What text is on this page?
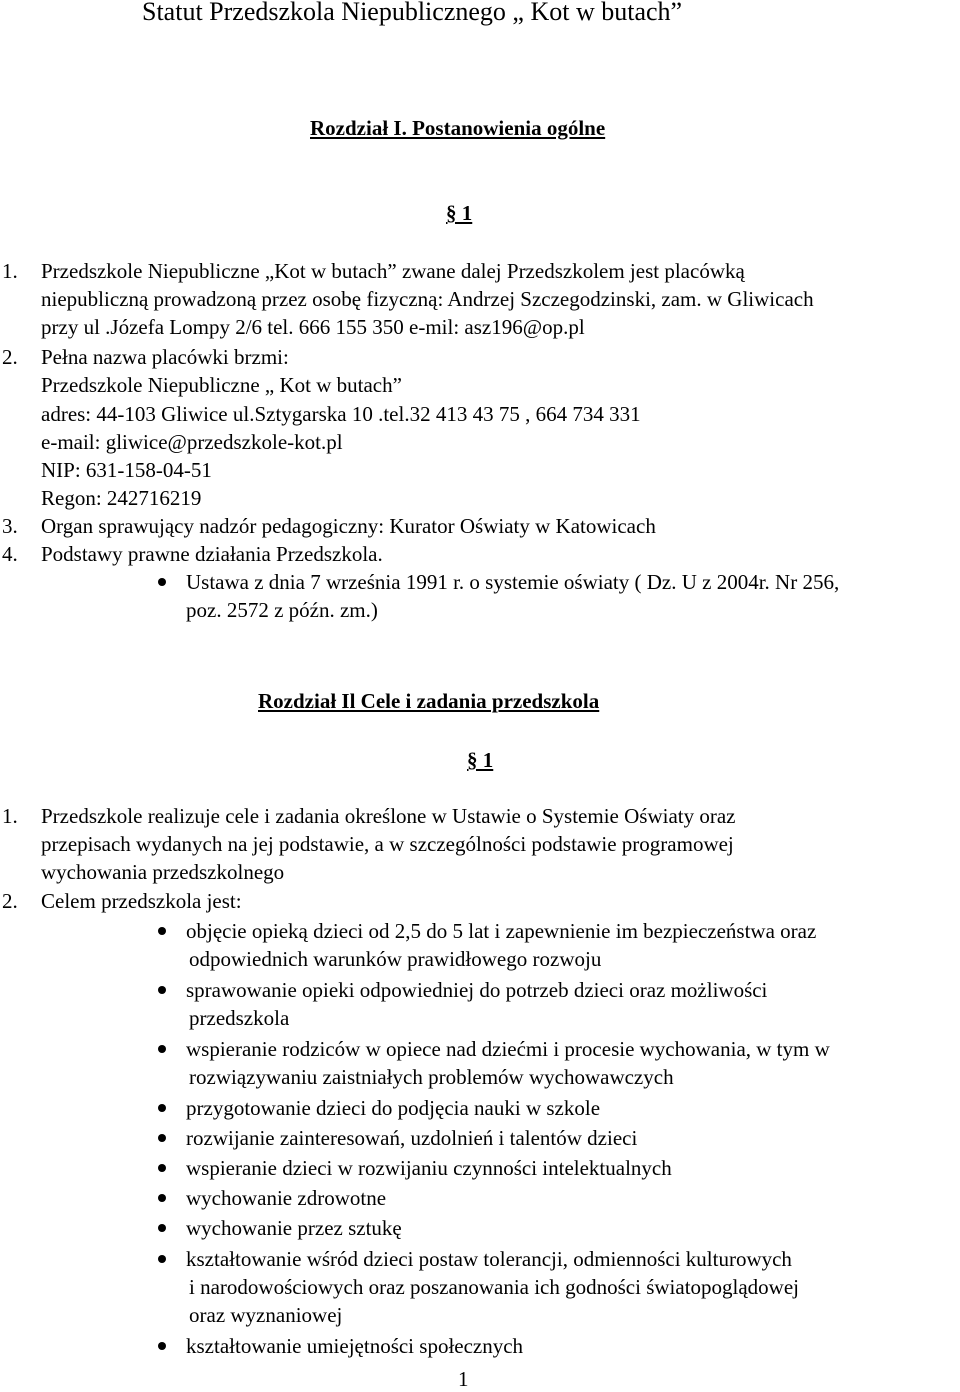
Statut Przedszkola Niepublicznego „ Kot w butach”
Rozdział I. Postanowienia ogólne
§ 1
1. Przedszkole Niepubliczne „Kot w butach” zwane dalej Przedszkolem jest placówką
niepubliczną prowadzoną przez osobę fizyczną: Andrzej Szczegodzinski, zam. w Gliwicach
przy ul .Józefa Lompy 2/6 tel. 666 155 350 e-mil: asz196@op.pl
2. Pełna nazwa placówki brzmi:
Przedszkole Niepubliczne „ Kot w butach”
adres: 44-103 Gliwice ul.Sztygarska 10 .tel.32 413 43 75 , 664 734 331
e-mail: gliwice@przedszkole-kot.pl
NIP: 631-158-04-51
Regon: 242716219
3. Organ sprawujący nadzór pedagogiczny: Kurator Oświaty w Katowicach
4. Podstawy prawne działania Przedszkola.
Ustawa z dnia 7 września 1991 r. o systemie oświaty ( Dz. U z 2004r. Nr 256,
poz. 2572 z późn. zm.)
Rozdział Il Cele i zadania przedszkola
§ 1
1. Przedszkole realizuje cele i zadania określone w Ustawie o Systemie Oświaty oraz
przepisach wydanych na jej podstawie, a w szczególności podstawie programowej
wychowania przedszkolnego
2. Celem przedszkola jest:
objęcie opieką dzieci od 2,5 do 5 lat i zapewnienie im bezpieczeństwa oraz
odpowiednich warunków prawidłowego rozwoju
sprawowanie opieki odpowiedniej do potrzeb dzieci oraz możliwości
przedszkola
wspieranie rodziców w opiece nad dziećmi i procesie wychowania, w tym w
rozwiązywaniu zaistniałych problemów wychowawczych
przygotowanie dzieci do podjęcia nauki w szkole
rozwijanie zainteresowań, uzdolnień i talentów dzieci
wspieranie dzieci w rozwijaniu czynności intelektualnych
wychowanie zdrowotne
wychowanie przez sztukę
kształtowanie wśród dzieci postaw tolerancji, odmienności kulturowych
i narodowościowych oraz poszanowania ich godności światopoglądowej
oraz wyznaniowej
kształtowanie umiejętności społecznych
1
